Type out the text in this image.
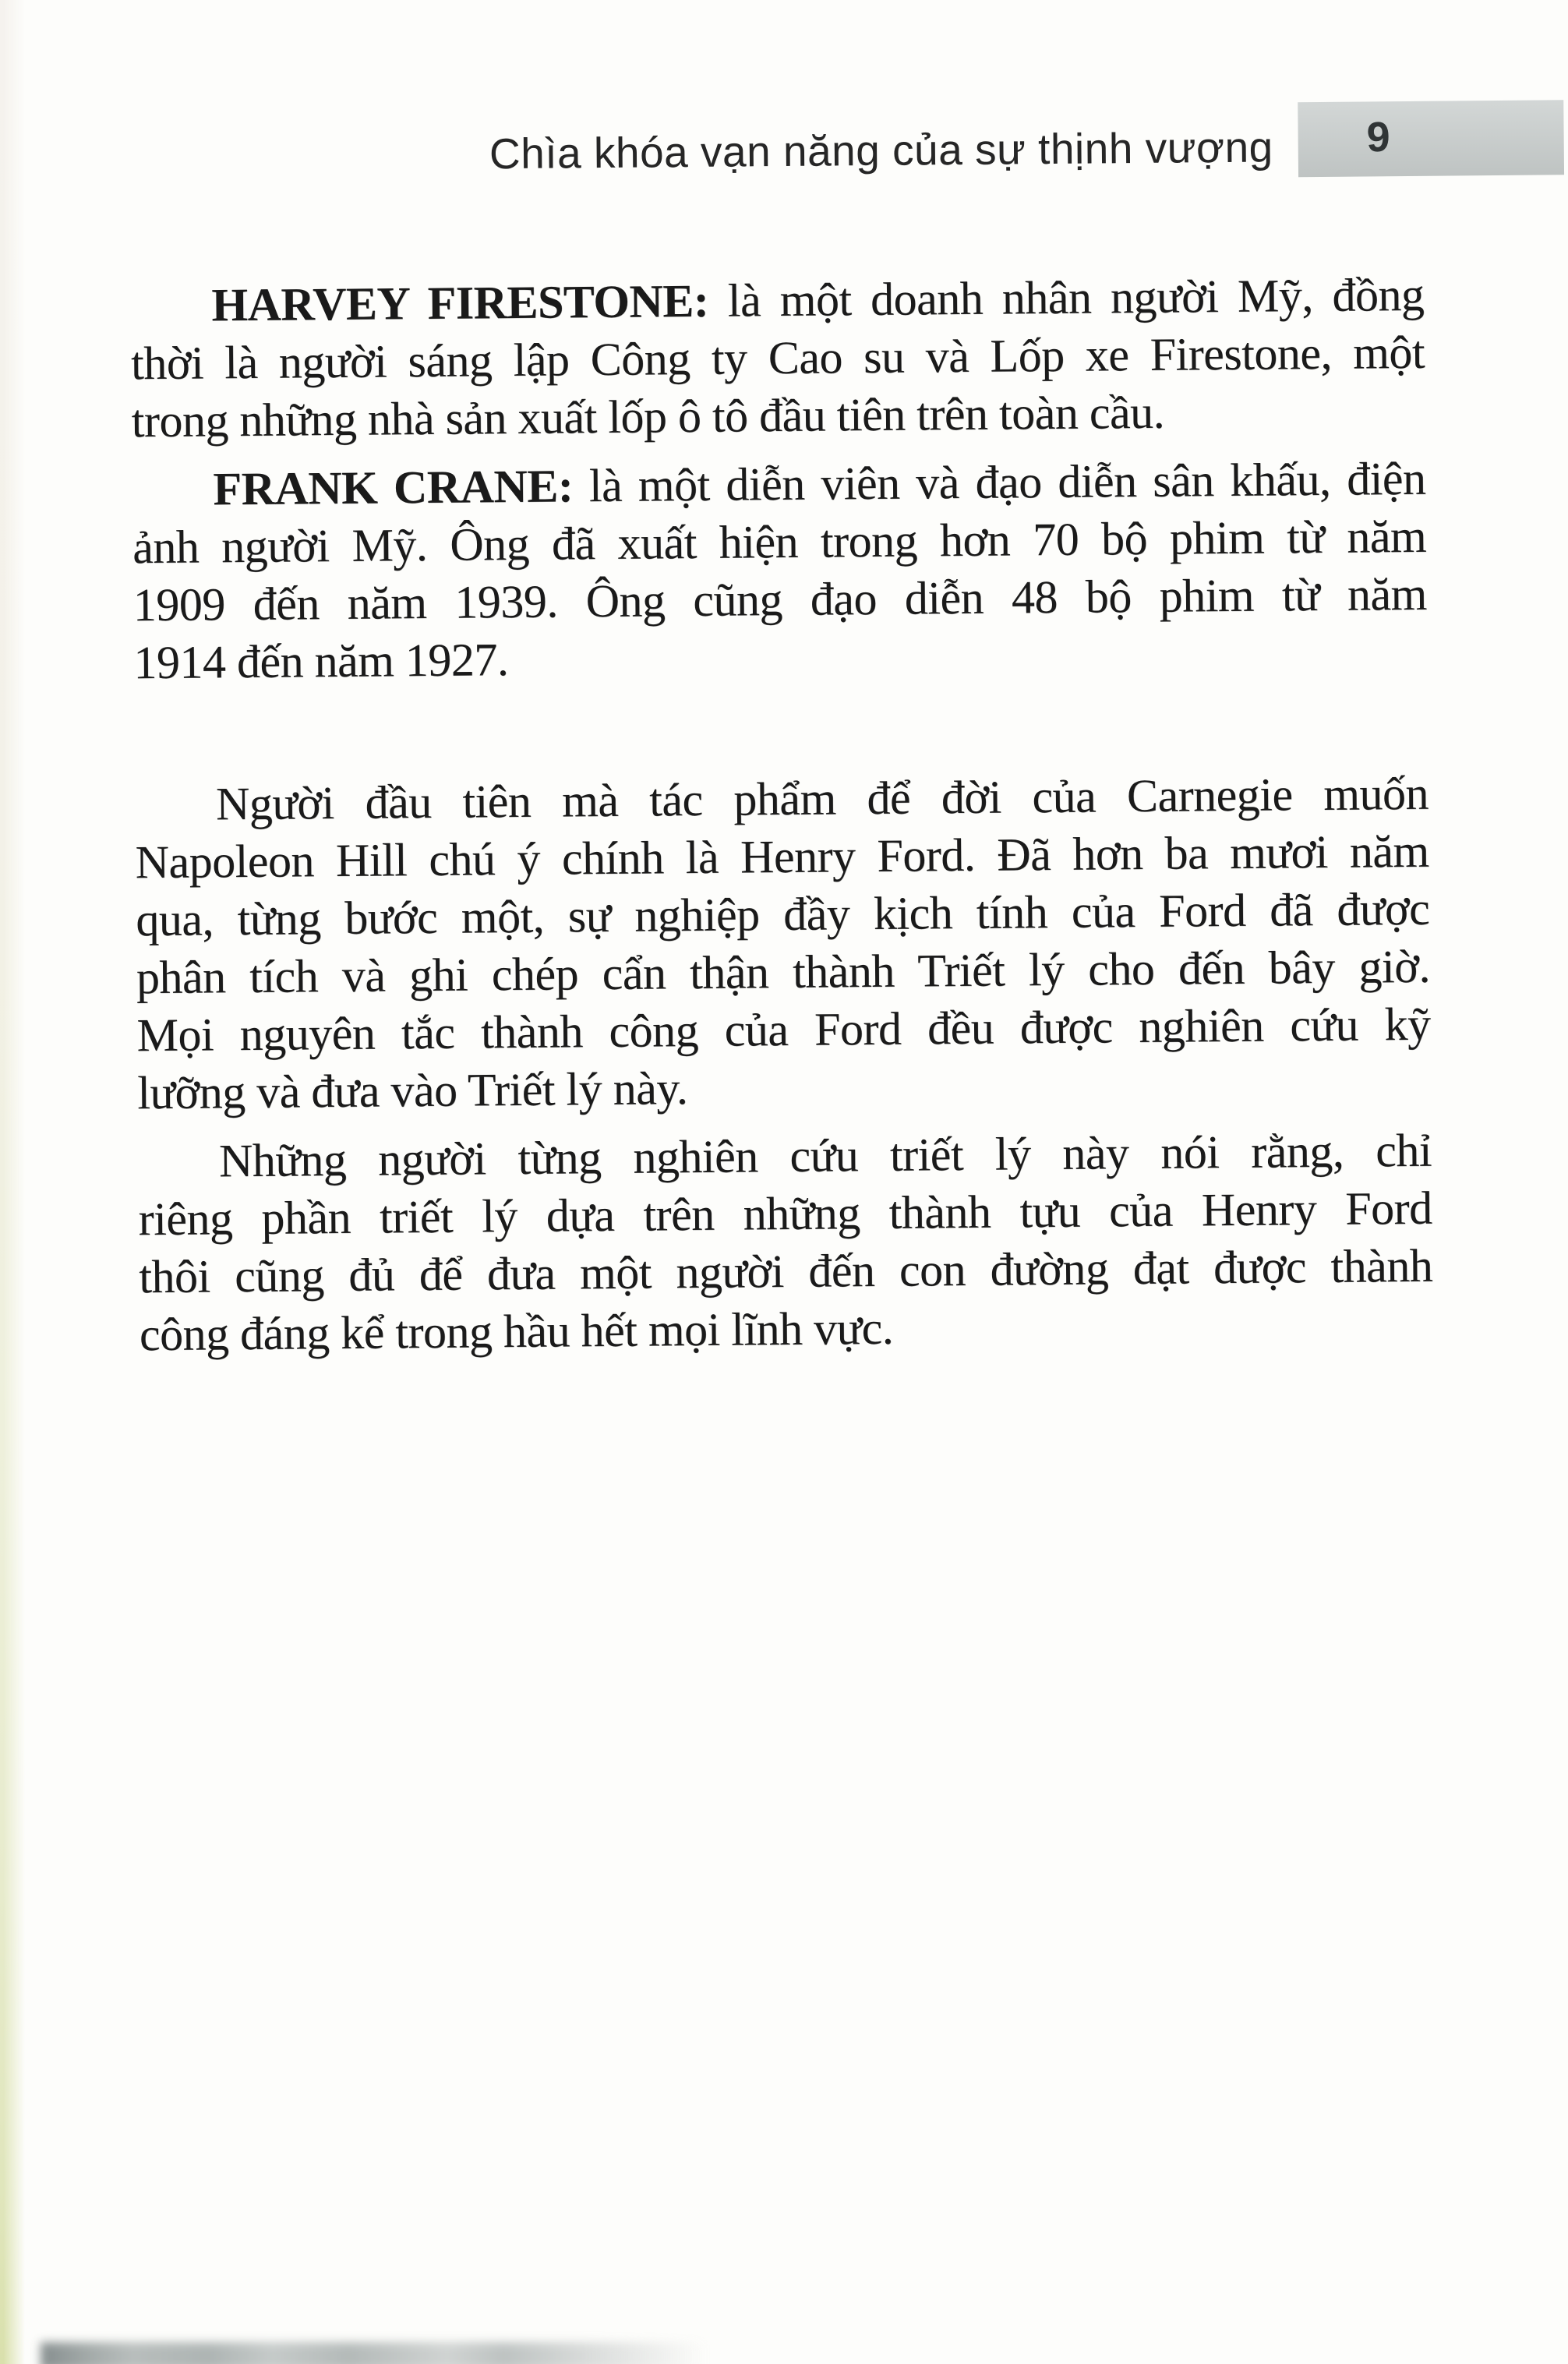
Chìa khóa vạn năng của sự thịnh vượng 9
HARVEY FIRESTONE: là một doanh nhân người Mỹ, đồng
thời là người sáng lập Công ty Cao su và Lốp xe Firestone, một
trong những nhà sản xuất lốp ô tô đầu tiên trên toàn cầu.
FRANK CRANE: là một diễn viên và đạo diễn sân khấu, điện
ảnh người Mỹ. Ông đã xuất hiện trong hơn 70 bộ phim từ năm
1909 đến năm 1939. Ông cũng đạo diễn 48 bộ phim từ năm
1914 đến năm 1927.
Người đầu tiên mà tác phẩm để đời của Carnegie muốn
Napoleon Hill chú ý chính là Henry Ford. Đã hơn ba mươi năm
qua, từng bước một, sự nghiệp đầy kịch tính của Ford đã được
phân tích và ghi chép cẩn thận thành Triết lý cho đến bây giờ.
Mọi nguyên tắc thành công của Ford đều được nghiên cứu kỹ
lưỡng và đưa vào Triết lý này.
Những người từng nghiên cứu triết lý này nói rằng, chỉ
riêng phần triết lý dựa trên những thành tựu của Henry Ford
thôi cũng đủ để đưa một người đến con đường đạt được thành
công đáng kể trong hầu hết mọi lĩnh vực.
